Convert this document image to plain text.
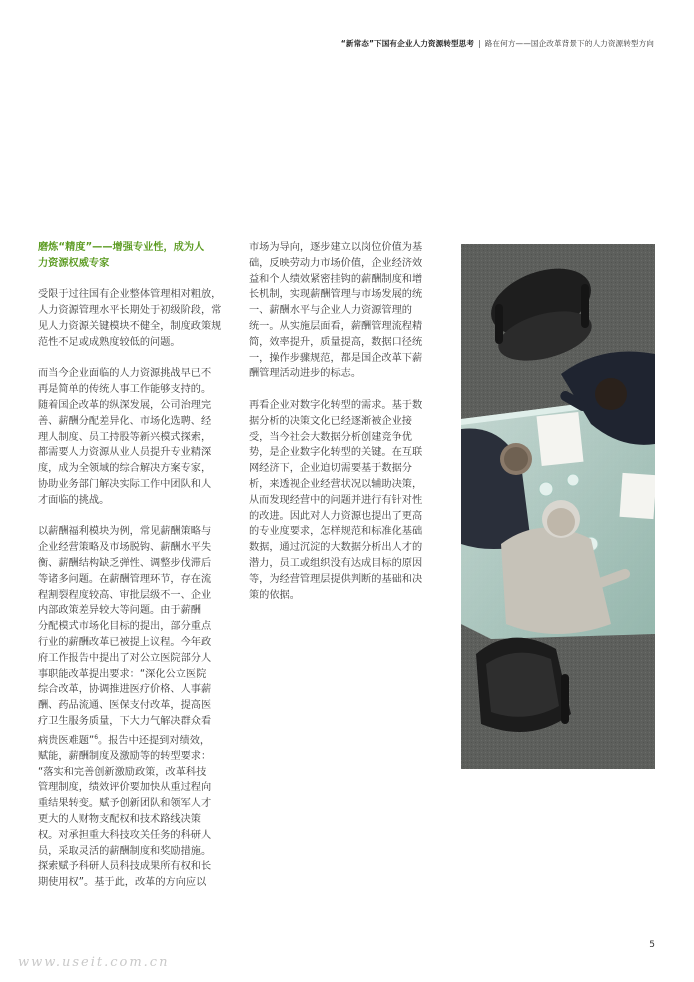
“新常态”下国有企业人力资源转型思考 | 路在何方——国企改革背景下的人力资源转型方向

磨炼“精度”——增强专业性，成为人
力资源权威专家

受限于过往国有企业整体管理相对粗放，
人力资源管理水平长期处于初级阶段，常
见人力资源关键模块不健全，制度政策规
范性不足或成熟度较低的问题。

而当今企业面临的人力资源挑战早已不
再是简单的传统人事工作能够支持的。
随着国企改革的纵深发展，公司治理完
善、薪酬分配差异化、市场化选聘、经
理人制度、员工持股等新兴模式探索，
都需要人力资源从业人员提升专业精深
度，成为全领域的综合解决方案专家，
协助业务部门解决实际工作中团队和人
才面临的挑战。

以薪酬福利模块为例，常见薪酬策略与
企业经营策略及市场脱钩、薪酬水平失
衡、薪酬结构缺乏弹性、调整步伐滞后
等诸多问题。在薪酬管理环节，存在流
程割裂程度较高、审批层级不一、企业
内部政策差异较大等问题。由于薪酬
分配模式市场化目标的提出，部分重点
行业的薪酬改革已被提上议程。今年政
府工作报告中提出了对公立医院部分人
事职能改革提出要求：“深化公立医院
综合改革，协调推进医疗价格、人事薪
酬、药品流通、医保支付改革，提高医
疗卫生服务质量，下大力气解决群众看
病贵医难题”$^6$。报告中还提到对绩效，
赋能，薪酬制度及激励等的转型要求：
“落实和完善创新激励政策，改革科技
管理制度，绩效评价要加快从重过程向
重结果转变。赋予创新团队和领军人才
更大的人财物支配权和技术路线决策
权。对承担重大科技攻关任务的科研人
员，采取灵活的薪酬制度和奖励措施。
探索赋予科研人员科技成果所有权和长
期使用权”。基于此，改革的方向应以

市场为导向，逐步建立以岗位价值为基
础，反映劳动力市场价值，企业经济效
益和个人绩效紧密挂钩的薪酬制度和增
长机制，实现薪酬管理与市场发展的统
一、薪酬水平与企业人力资源管理的
统一。从实施层面看，薪酬管理流程精
简，效率提升，质量提高，数据口径统
一，操作步骤规范，都是国企改革下薪
酬管理活动进步的标志。

再看企业对数字化转型的需求。基于数
据分析的决策文化已经逐渐被企业接
受，当今社会大数据分析创建竞争优
势，是企业数字化转型的关键。在互联
网经济下，企业迫切需要基于数据分
析，来透视企业经营状况以辅助决策，
从而发现经营中的问题并进行有针对性
的改进。因此对人力资源也提出了更高
的专业度要求，怎样规范和标准化基础
数据，通过沉淀的大数据分析出人才的
潜力，员工或组织没有达成目标的原因
等，为经营管理层提供判断的基础和决
策的依据。

5
www.useit.com.cn
